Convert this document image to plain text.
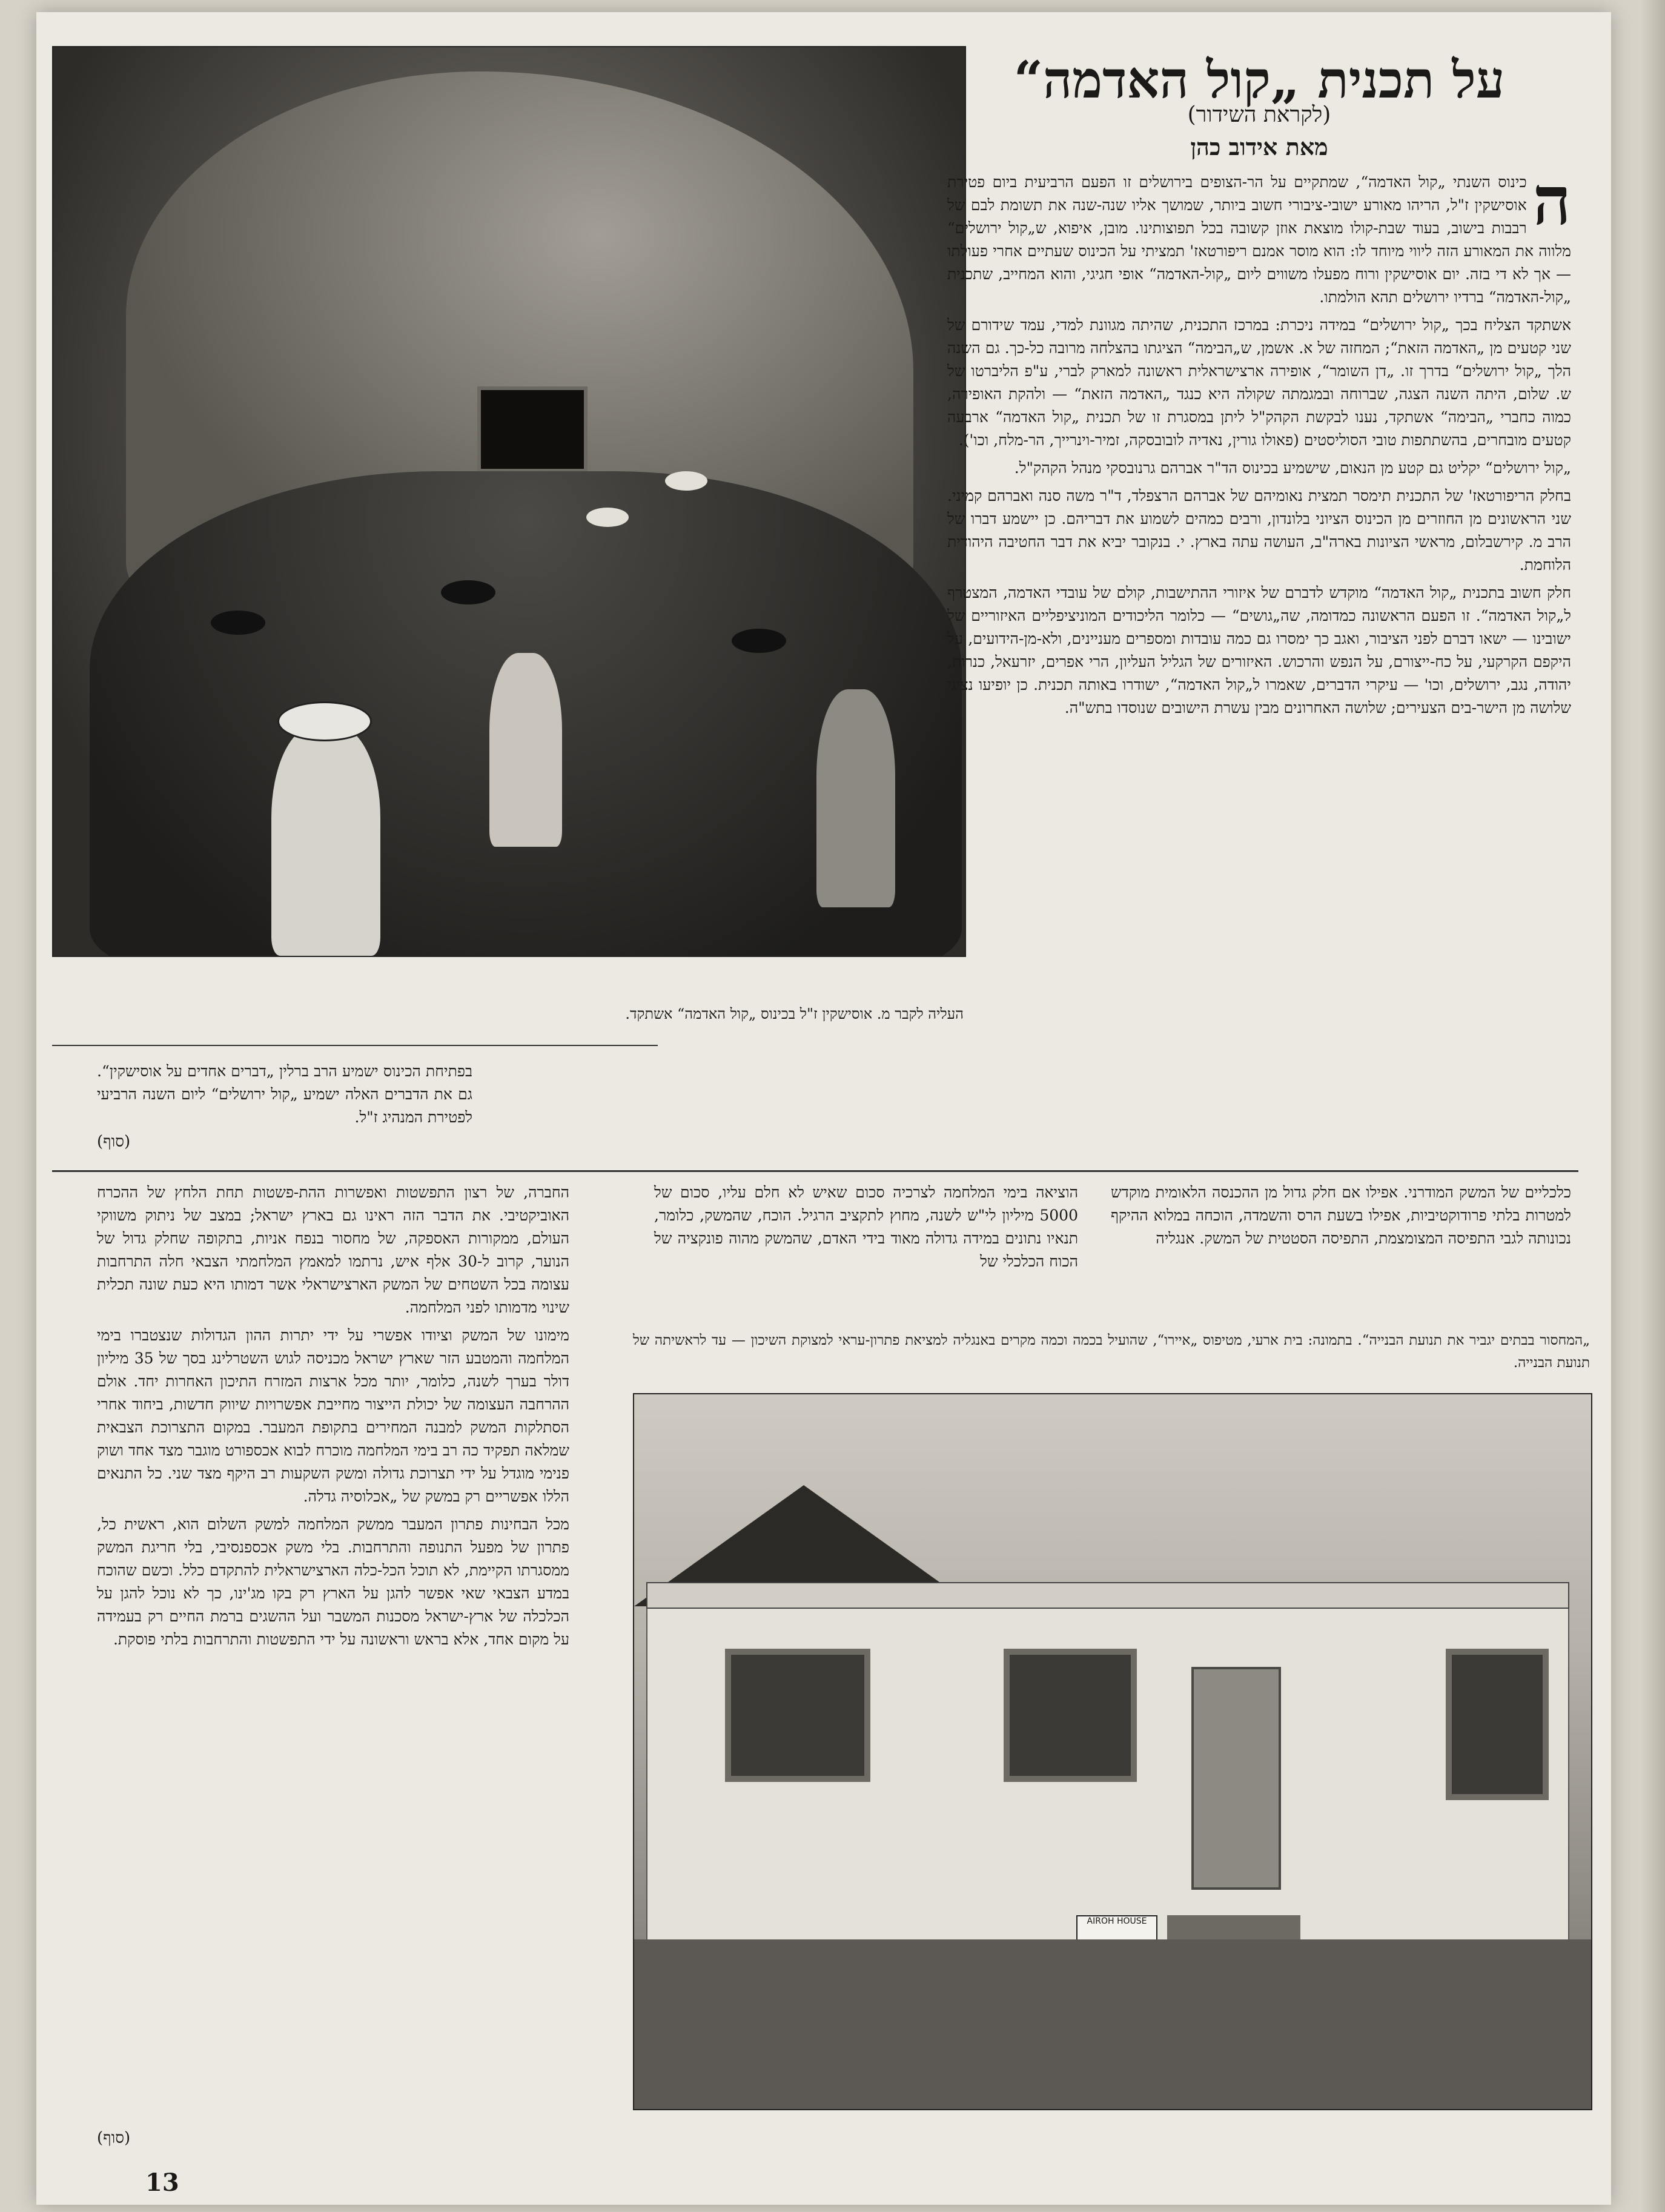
על תכנית „קול האדמה“
(לקראת השידור)
מאת אידוב כהן

ה
כינוס השנתי „קול האדמה“, שמתקיים על הר-הצופים בירושלים זו הפעם הרביעית ביום פטירת אוסישקין ז"ל, הריהו מאורע ישובי-ציבורי חשוב ביותר, שמושך אליו שנה-שנה את תשומת לבם של רבבות בישוב, בעוד שבת-קולו מוצאת אוזן קשובה בכל תפוצותינו. מובן, איפוא, ש„קול ירושלים“ מלווה את המאורע הזה ליווי מיוחד לו: הוא מוסר אמנם ריפורטאז' תמציתי על הכינוס שעתיים אחרי פעולתו — אך לא די בזה. יום אוסישקין ורוח מפעלו משווים ליום „קול-האדמה“ אופי חגיגי, והוא המחייב, שתכנית „קול-האדמה“ ברדיו ירושלים תהא הולמתו.

אשתקד הצליח בכך „קול ירושלים“ במידה ניכרת: במרכז התכנית, שהיתה מגוונת למדי, עמד שידורם של שני קטעים מן „האדמה הזאת“; המחזה של א. אשמן, ש„הבימה“ הציגתו בהצלחה מרובה כל-כך. גם השנה הלך „קול ירושלים“ בדרך זו. „דן השומר“, אופירה ארצישראלית ראשונה למארק לברי, ע"פ הליברטו של ש. שלום, היתה השנה הצגה, שברוחה ובמגמתה שקולה היא כנגד „האדמה הזאת“ — ולהקת האופירה, כמוה כחברי „הבימה“ אשתקד, נענו לבקשת הקהק"ל ליתן במסגרת זו של תכנית „קול האדמה“ ארבעה קטעים מובחרים, בהשתתפות טובי הסוליסטים (פאולו גורין, נאדיה לובובסקה, זמיר-וינרייך, הר-מלח, וכו').

„קול ירושלים“ יקליט גם קטע מן הנאום, שישמיע בכינוס הד"ר אברהם גרנובסקי מנהל הקהק"ל.

בחלק הריפורטאז' של התכנית תימסר תמצית נאומיהם של אברהם הרצפלד, ד"ר משה סנה ואברהם קמיני. שני הראשונים מן החוזרים מן הכינוס הציוני בלונדון, ורבים כמהים לשמוע את דבריהם. כן יישמע דברו של הרב מ. קירשבלום, מראשי הציונות בארה"ב, העושה עתה בארץ. י. בנקובר יביא את דבר החטיבה היהודית הלוחמת.

חלק חשוב בתכנית „קול האדמה“ מוקדש לדברם של איזורי ההתישבות, קולם של עובדי האדמה, המצטרף ל„קול האדמה“. זו הפעם הראשונה כמדומה, שה„גושים“ — כלומר הליכודים המוניציפליים האיזוריים של ישובינו — ישאו דברם לפני הציבור, ואגב כך ימסרו גם כמה עובדות ומספרים מעניינים, ולא-מן-הידועים, על היקפם הקרקעי, על כח-ייצורם, על הנפש והרכוש. האיזורים של הגליל העליון, הרי אפרים, יזרעאל, כנרות, יהודה, נגב, ירושלים, וכו' — עיקרי הדברים, שאמרו ל„קול האדמה“, ישודרו באותה תכנית. כן יופיעו נציגי שלושה מן הישר-בים הצעירים; שלושה האחרונים מבין עשרת הישובים שנוסדו בתש"ה.

העליה לקבר מ. אוסישקין ז"ל בכינוס „קול האדמה“ אשתקד.
בפתיחת הכינוס ישמיע הרב ברלין „דברים אחדים על אוסישקין“. גם את הדברים האלה ישמיע „קול ירושלים“ ליום השנה הרביעי לפטירת המנהיג ז"ל.
(סוף)
כלכליים של המשק המודרני. אפילו אם חלק גדול מן ההכנסה הלאומית מוקדש למטרות בלתי פרודוקטיביות, אפילו בשעת הרס והשמדה, הוכחה במלוא ההיקף נכונותה לגבי התפיסה המצומצמת, התפיסה הסטטית של המשק. אנגליה
הוציאה בימי המלחמה לצרכיה סכום שאיש לא חלם עליו, סכום של 5000 מיליון לי"ש לשנה, מחוץ לתקציב הרגיל. הוכח, שהמשק, כלומר, תנאיו נתונים במידה גדולה מאוד בידי האדם, שהמשק מהוה פונקציה של הכוח הכלכלי של

החברה, של רצון התפשטות ואפשרות ההת-פשטות תחת הלחץ של ההכרח האוביקטיבי. את הדבר הזה ראינו גם בארץ ישראל; במצב של ניתוק משווקי העולם, ממקורות האספקה, של מחסור בנפח אניות, בתקופה שחלק גדול של הנוער, קרוב ל-30 אלף איש, נרתמו למאמץ המלחמתי הצבאי חלה התרחבות עצומה בכל השטחים של המשק הארצישראלי אשר דמותו היא כעת שונה תכלית שינוי מדמותו לפני המלחמה.

מימונו של המשק וציודו אפשרי על ידי יתרות ההון הגדולות שנצטברו בימי המלחמה והמטבע הזר שארץ ישראל מכניסה לגוש השטרלינג בסך של 35 מיליון דולר בערך לשנה, כלומר, יותר מכל ארצות המזרח התיכון האחרות יחד. אולם ההרחבה העצומה של יכולת הייצור מחייבת אפשרויות שיווק חדשות, ביחוד אחרי הסתלקות המשק למבנה המחירים בתקופת המעבר. במקום התצרוכת הצבאית שמלאה תפקיד כה רב בימי המלחמה מוכרח לבוא אכספורט מוגבר מצד אחד ושוק פנימי מוגדל על ידי תצרוכת גדולה ומשק השקעות רב היקף מצד שני. כל התנאים הללו אפשריים רק במשק של „אכלוסיה גדלה.

מכל הבחינות פתרון המעבר ממשק המלחמה למשק השלום הוא, ראשית כל, פתרון של מפעל התנופה והתרחבות. בלי משק אכספנסיבי, בלי חריגת המשק ממסגרתו הקיימת, לא תוכל הכל-כלה הארצישראלית להתקדם כלל. וכשם שהוכח במדע הצבאי שאי אפשר להגן על הארץ רק בקו מג'ינו, כך לא נוכל להגן על הכלכלה של ארץ-ישראל מסכנות המשבר ועל ההשגים ברמת החיים רק בעמידה על מקום אחד, אלא בראש וראשונה על ידי התפשטות והתרחבות בלתי פוסקת.

„המחסור בבתים יגביר את תנועת הבנייה“. בתמונה: בית ארעי, מטיפוס „איירו“, שהועיל בכמה וכמה מקרים באנגליה למציאת פתרון-עראי למצוקת השיכון — עד לראשיתה של תנועת הבנייה.
AIROH HOUSE
(סוף)
13
